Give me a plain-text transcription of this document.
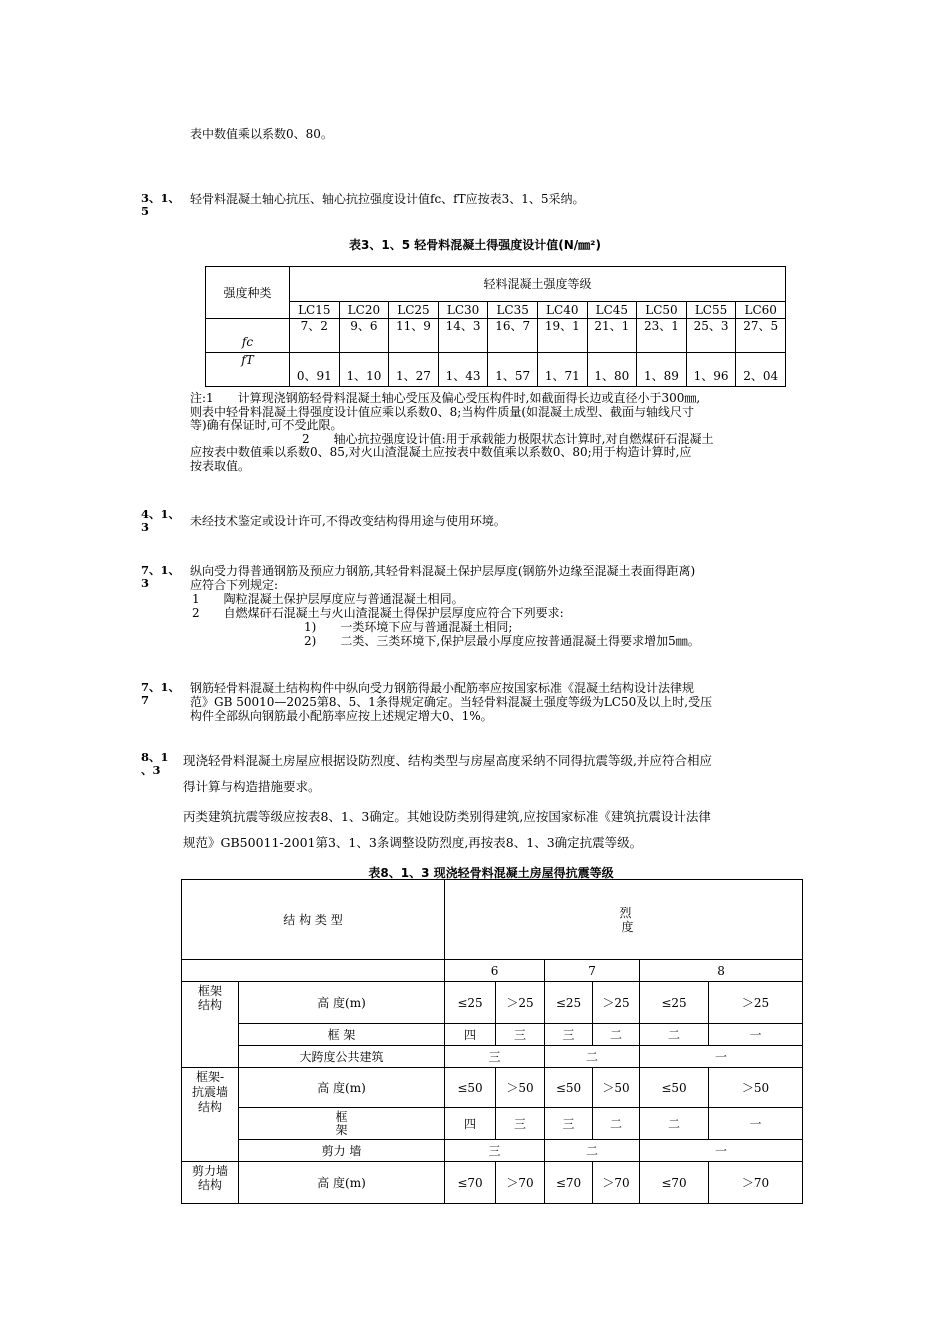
表中数值乘以系数0、80。
3、1、
5
轻骨料混凝土轴心抗压、轴心抗拉强度设计值fc、fT应按表3、1、5采纳。
表3、1、5 轻骨料混凝土得强度设计值(N/㎜²)
强度种类	轻料混凝土强度等级									
	LC15	LC20	LC25	LC30	LC35	LC40	LC45	LC50	LC55	LC60
fc	7、2	9、6	11、9	14、3	16、7	19、1	21、1	23、1	25、3	27、5
fT	0、91	1、10	1、27	1、43	1、57	1、71	1、80	1、89	1、96	2、04
注:1　　计算现浇钢筋轻骨料混凝土轴心受压及偏心受压构件时,如截面得长边或直径小于300㎜,
则表中轻骨料混凝土得强度设计值应乘以系数0、8;当构件质量(如混凝土成型、截面与轴线尺寸
等)确有保证时,可不受此限。
2　　轴心抗拉强度设计值:用于承载能力极限状态计算时,对自燃煤矸石混凝土
应按表中数值乘以系数0、85,对火山渣混凝土应按表中数值乘以系数0、80;用于构造计算时,应
按表取值。
4、1、
3	未经技术鉴定或设计许可,不得改变结构得用途与使用环境。
7、1、
3
纵向受力得普通钢筋及预应力钢筋,其轻骨料混凝土保护层厚度(钢筋外边缘至混凝土表面得距离)
应符合下列规定:
1　　陶粒混凝土保护层厚度应与普通混凝土相同。
2　　自燃煤矸石混凝土与火山渣混凝土得保护层厚度应符合下列要求:
1)　　一类环境下应与普通混凝土相同;
2)　　二类、三类环境下,保护层最小厚度应按普通混凝土得要求增加5㎜。
7、1、
7
钢筋轻骨料混凝土结构构件中纵向受力钢筋得最小配筋率应按国家标准《混凝土结构设计法律规
范》GB 50010—2025第8、5、1条得规定确定。当轻骨料混凝土强度等级为LC50及以上时,受压
构件全部纵向钢筋最小配筋率应按上述规定增大0、1%。
8、1
、3
现浇轻骨料混凝土房屋应根据设防烈度、结构类型与房屋高度采纳不同得抗震等级,并应符合相应
得计算与构造措施要求。
丙类建筑抗震等级应按表8、1、3确定。其她设防类别得建筑,应按国家标准《建筑抗震设计法律
规范》GB50011-2001第3、1、3条调整设防烈度,再按表8、1、3确定抗震等级。
表8、1、3 现浇轻骨料混凝土房屋得抗震等级
结 构 类 型		烈
度					

		6		7		8	

框架
结构	高 度(m)	≤25	＞25	≤25	＞25	≤25	＞25
	框 架	四	三	三	二	二	一
	大跨度公共建筑	三		二		一	

框架-
抗震墙
结构	高 度(m)	≤50	＞50	≤50	＞50	≤50	＞50

	框
架	四	三	三	二	二	一
	剪力 墙	三		二		一	

剪力墙
结构	高 度(m)	≤70	＞70	≤70	＞70	≤70	＞70
